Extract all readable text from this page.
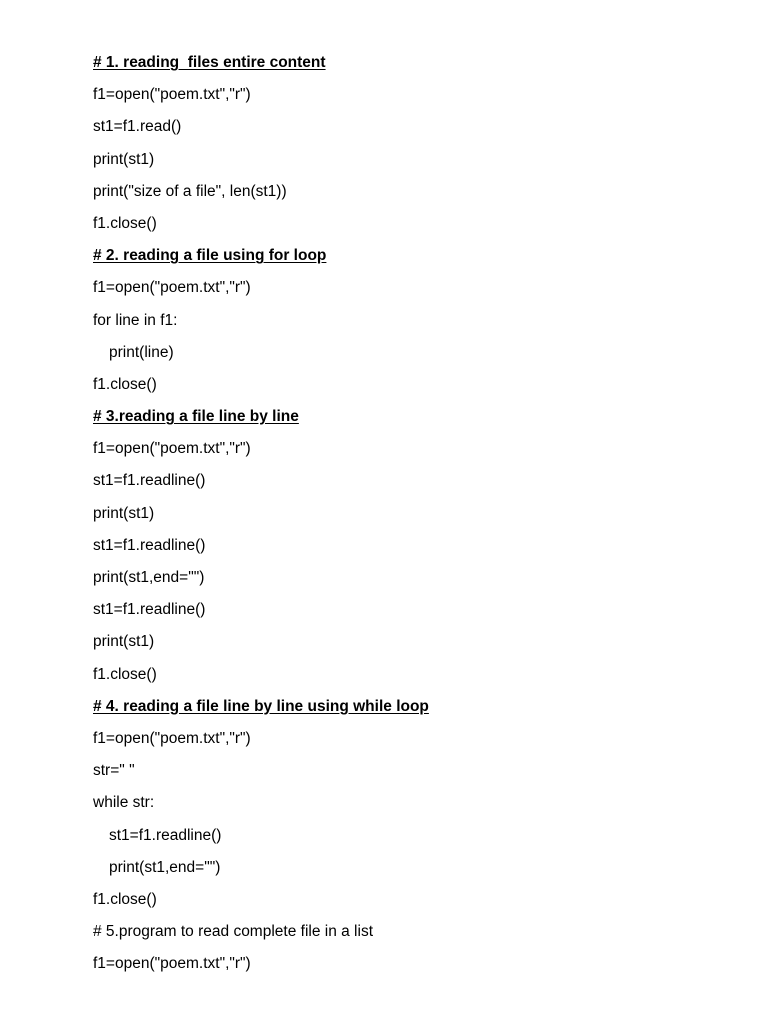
# 1. reading  files entire content
f1=open("poem.txt","r")
st1=f1.read()
print(st1)
print("size of a file", len(st1))
f1.close()
# 2. reading a file using for loop
f1=open("poem.txt","r")
for line in f1:
print(line)
f1.close()
# 3.reading a file line by line
f1=open("poem.txt","r")
st1=f1.readline()
print(st1)
st1=f1.readline()
print(st1,end="")
st1=f1.readline()
print(st1)
f1.close()
# 4. reading a file line by line using while loop
f1=open("poem.txt","r")
str=" "
while str:
st1=f1.readline()
print(st1,end="")
f1.close()
# 5.program to read complete file in a list
f1=open("poem.txt","r")
